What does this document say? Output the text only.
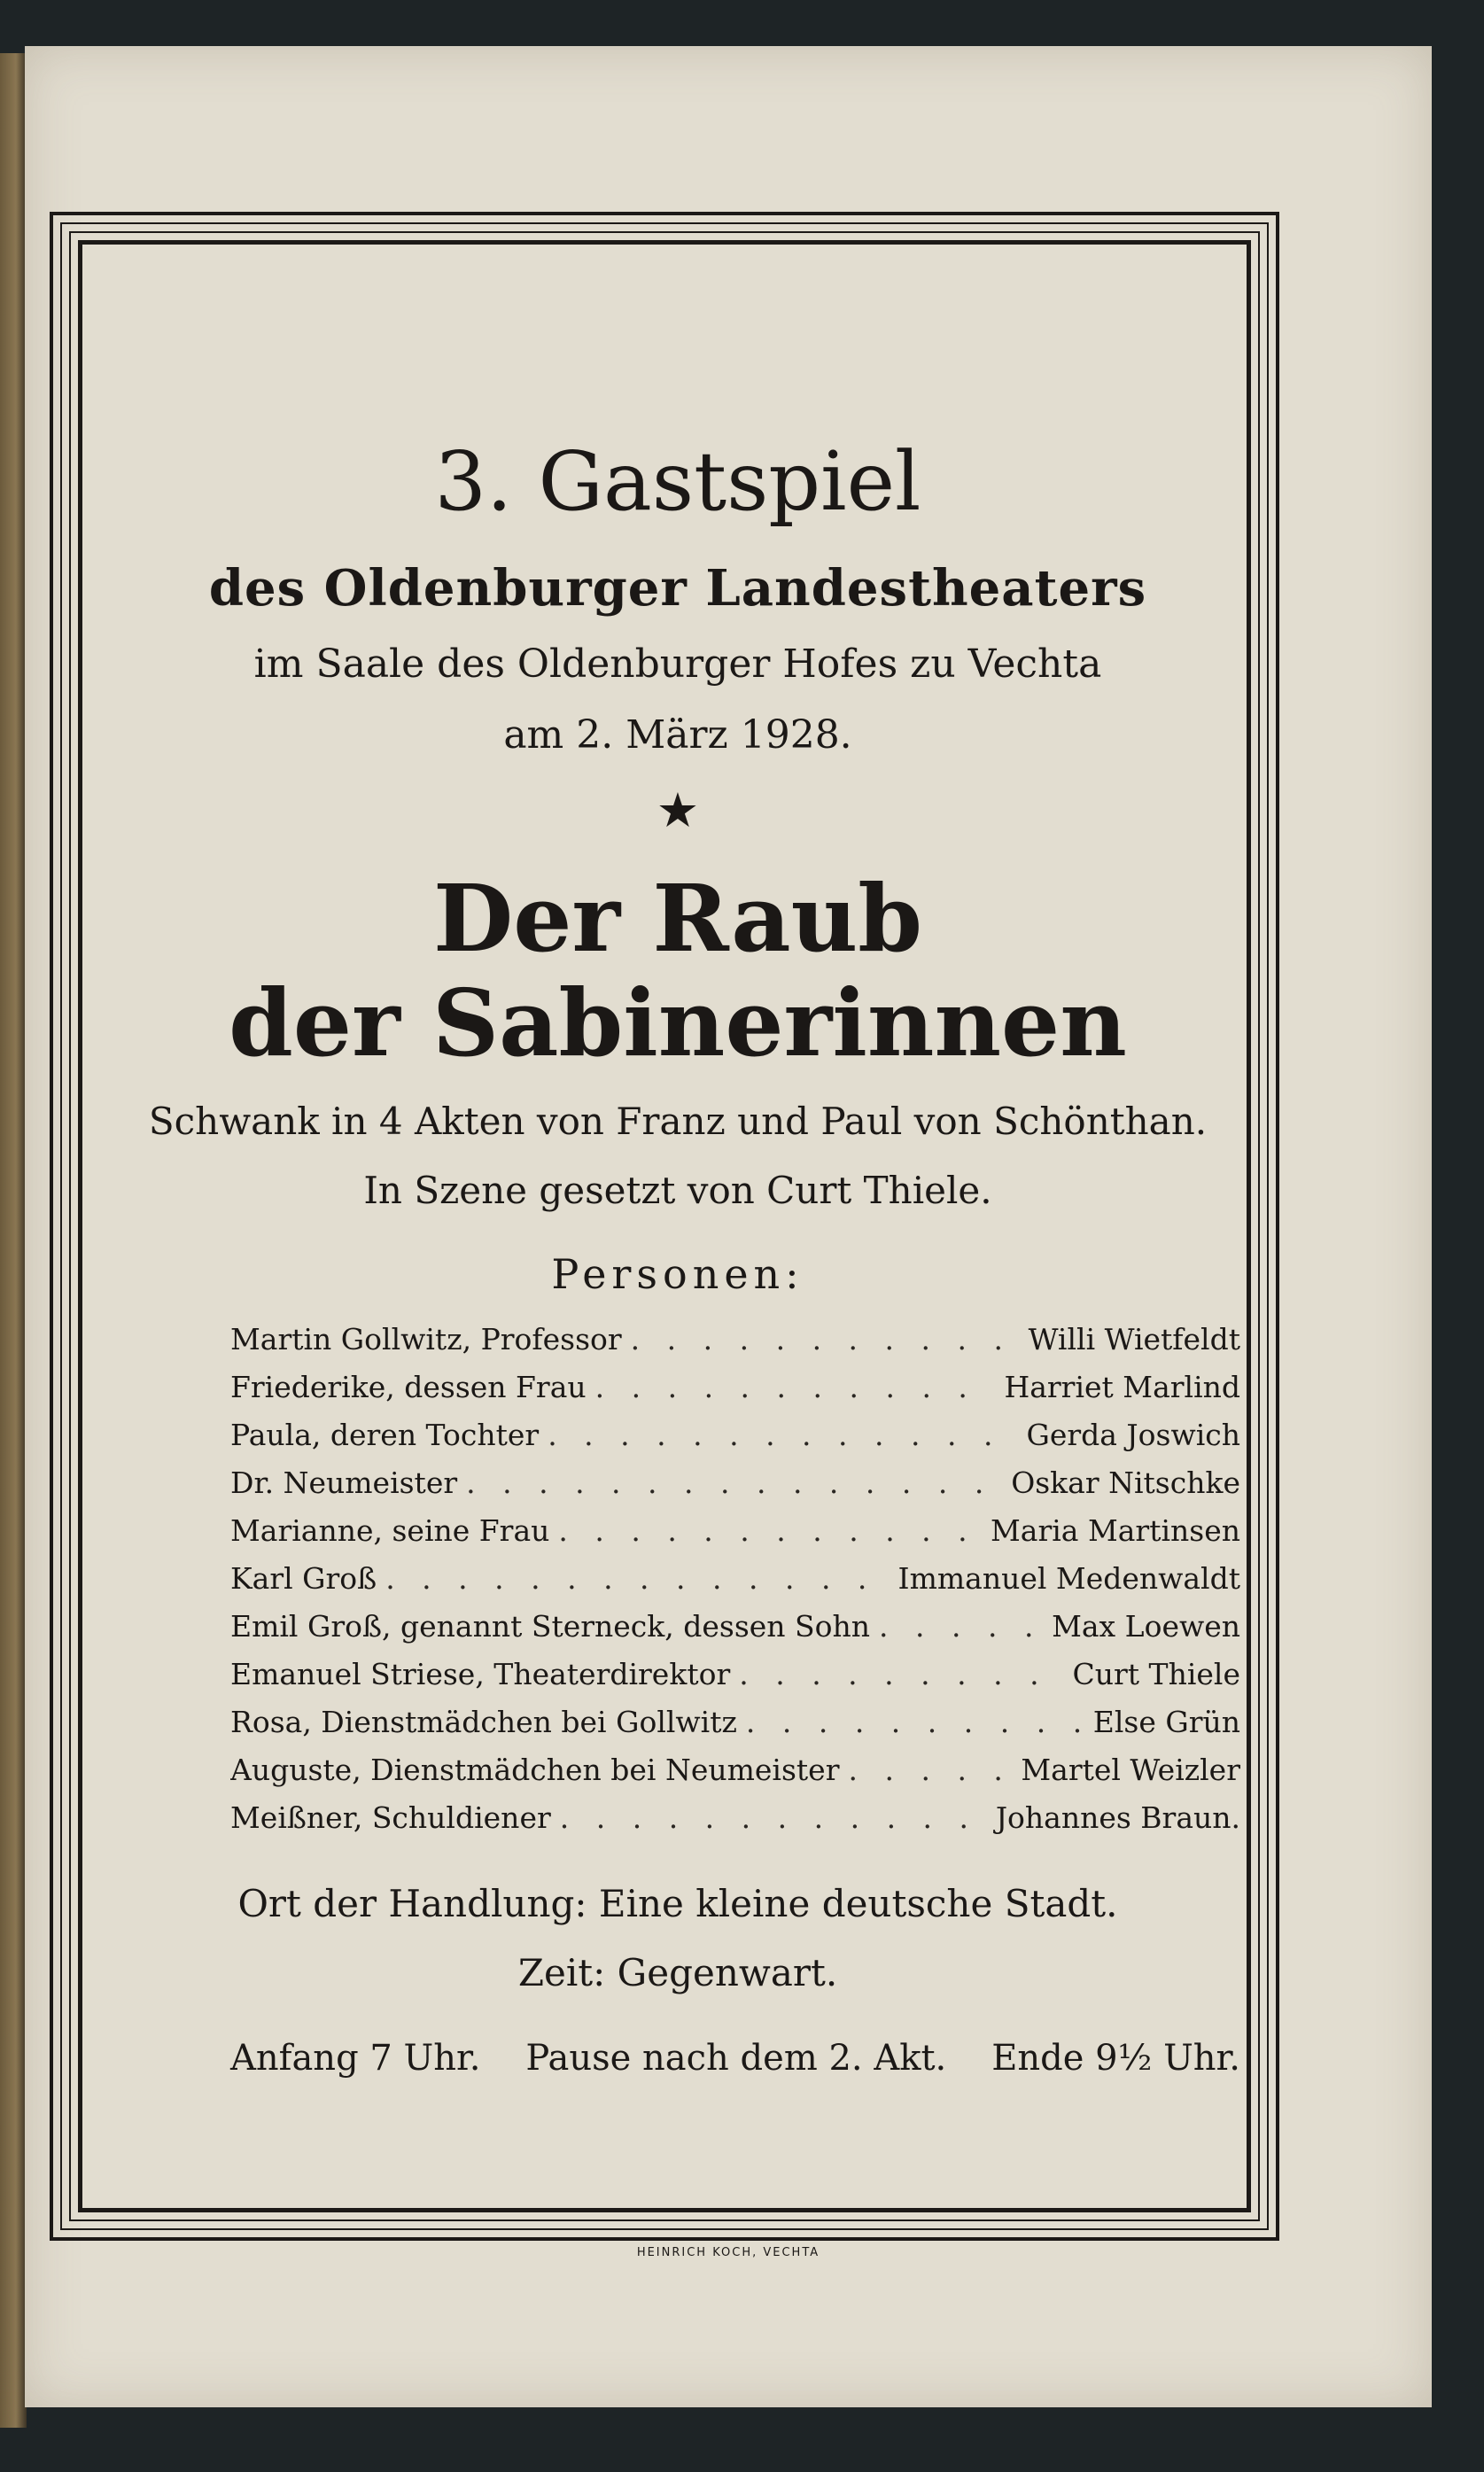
3. Gastspiel
des Oldenburger Landestheaters
im Saale des Oldenburger Hofes zu Vechta
am 2. März 1928.
★
Der Raub
der Sabinerinnen
Schwank in 4 Akten von Franz und Paul von Schönthan.
In Szene gesetzt von Curt Thiele.
Personen:
Martin Gollwitz, Professor . . .	Willi Wietfeldt
Friederike, dessen Frau . . .	Harriet Marlind
Paula, deren Tochter . . .	Gerda Joswich
Dr. Neumeister . . .	Oskar Nitschke
Marianne, seine Frau . . .	Maria Martinsen
Karl Groß . . .	Immanuel Medenwaldt
Emil Groß, genannt Sterneck, dessen Sohn . . .	Max Loewen
Emanuel Striese, Theaterdirektor . . .	Curt Thiele
Rosa, Dienstmädchen bei Gollwitz . . .	Else Grün
Auguste, Dienstmädchen bei Neumeister . . .	Martel Weizler
Meißner, Schuldiener . . .	Johannes Braun.
Ort der Handlung: Eine kleine deutsche Stadt.
Zeit: Gegenwart.
Anfang 7 Uhr. Pause nach dem 2. Akt. Ende 9½ Uhr.
HEINRICH KOCH, VECHTA
